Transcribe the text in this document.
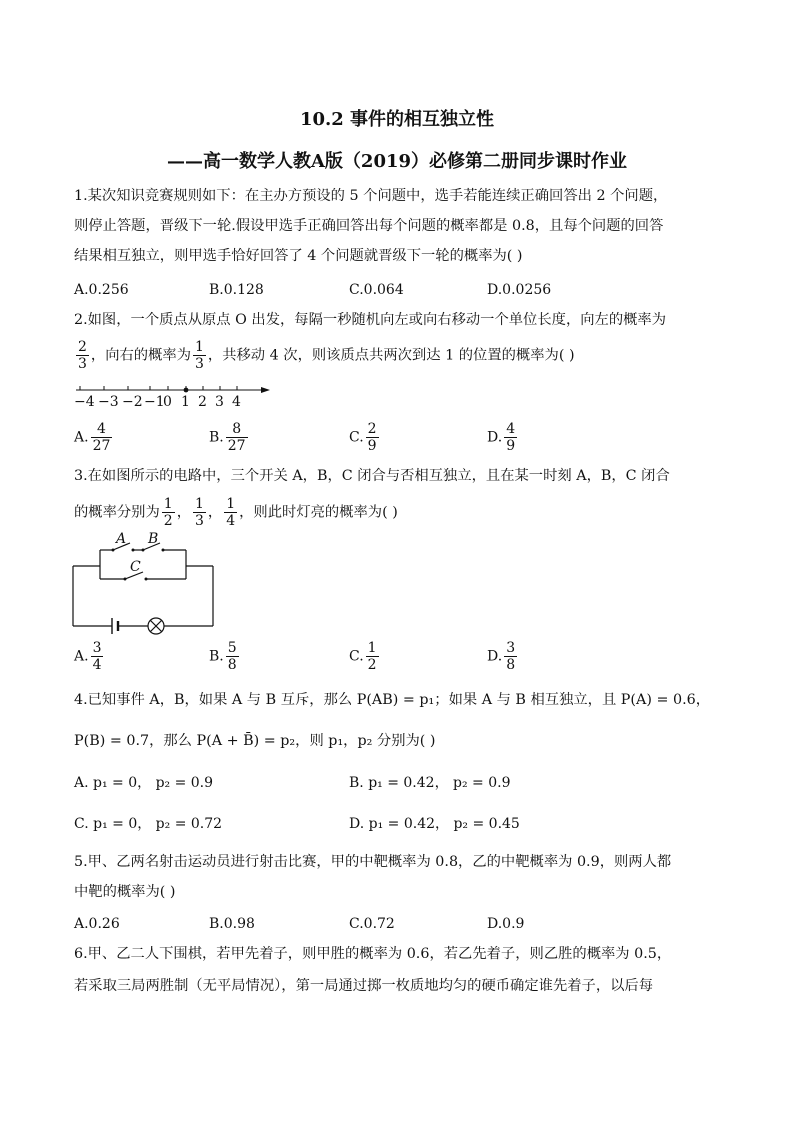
10.2 事件的相互独立性
——高一数学人教A版（2019）必修第二册同步课时作业
1.某次知识竞赛规则如下：在主办方预设的 5 个问题中，选手若能连续正确回答出 2 个问题，
则停止答题，晋级下一轮.假设甲选手正确回答出每个问题的概率都是 0.8，且每个问题的回答
结果相互独立，则甲选手恰好回答了 4 个问题就晋级下一轮的概率为( )
A.0.256	B.0.128	C.0.064	D.0.0256
2.如图，一个质点从原点 O 出发，每隔一秒随机向左或向右移动一个单位长度，向左的概率为
$\frac{2}{3}$ ，向右的概率为 $\frac{1}{3}$ ，共移动 4 次，则该质点共两次到达 1 的位置的概率为( )
−4 −3 −2 −1
0 1 2 3 4
A B
C
A. $\frac{4}{27}$	B. $\frac{8}{27}$	C. $\frac{2}{9}$	D. $\frac{4}{9}$
3.在如图所示的电路中，三个开关 A，B，C 闭合与否相互独立，且在某一时刻 A，B，C 闭合
的概率分别为 $\frac{1}{2}$ ， $\frac{1}{3}$ ， $\frac{1}{4}$ ，则此时灯亮的概率为( )
A. $\frac{3}{4}$	B. $\frac{5}{8}$	C. $\frac{1}{2}$	D. $\frac{3}{8}$
4.已知事件 A，B，如果 A 与 B 互斥，那么 P(AB) = p₁；如果 A 与 B 相互独立，且 P(A) = 0.6，
P(B) = 0.7，那么 P(A + B̄) = p₂，则 p₁，p₂ 分别为( )
A. p₁ = 0， p₂ = 0.9	B. p₁ = 0.42， p₂ = 0.9
C. p₁ = 0， p₂ = 0.72	D. p₁ = 0.42， p₂ = 0.45
5.甲、乙两名射击运动员进行射击比赛，甲的中靶概率为 0.8，乙的中靶概率为 0.9，则两人都
中靶的概率为( )
A.0.26	B.0.98	C.0.72	D.0.9
6.甲、乙二人下围棋，若甲先着子，则甲胜的概率为 0.6，若乙先着子，则乙胜的概率为 0.5，
若采取三局两胜制（无平局情况），第一局通过掷一枚质地均匀的硬币确定谁先着子，以后每
